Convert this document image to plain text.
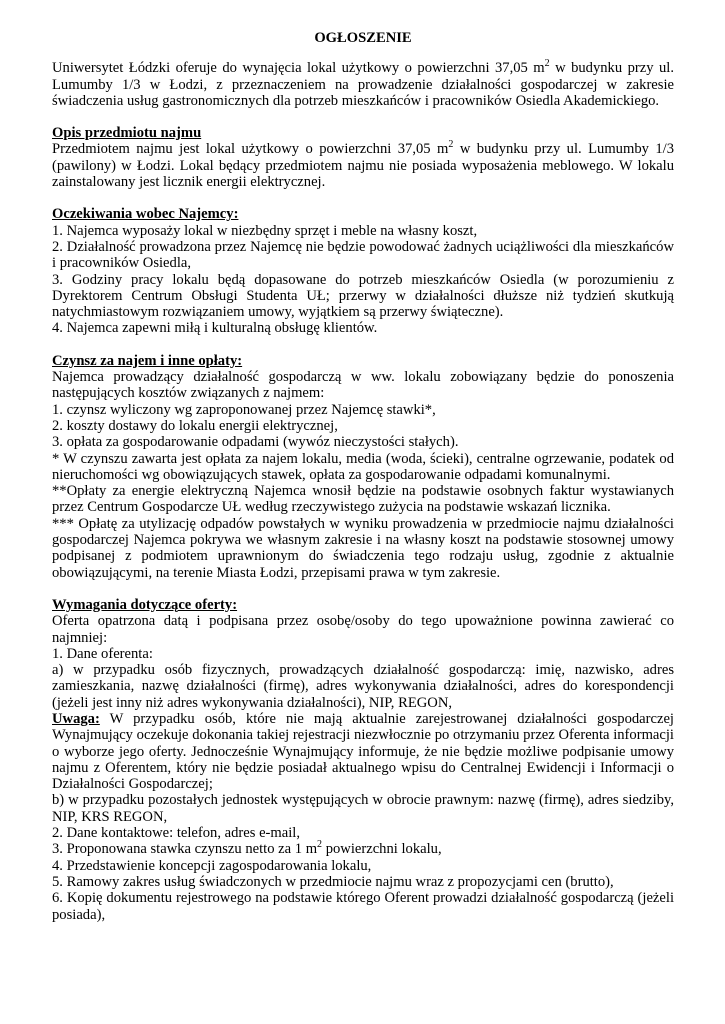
OGŁOSZENIE

Uniwersytet Łódzki oferuje do wynajęcia lokal użytkowy o powierzchni 37,05 $m^2$ w budynku przy ul. Lumumby 1/3 w Łodzi, z przeznaczeniem na prowadzenie działalności gospodarczej w zakresie świadczenia usług gastronomicznych dla potrzeb mieszkańców i pracowników Osiedla Akademickiego.

Opis przedmiotu najmu

Przedmiotem najmu jest lokal użytkowy o powierzchni 37,05 $m^2$ w budynku przy ul. Lumumby 1/3 (pawilony) w Łodzi. Lokal będący przedmiotem najmu nie posiada wyposażenia meblowego. W lokalu zainstalowany jest licznik energii elektrycznej.

Oczekiwania wobec Najemcy:

1. Najemca wyposaży lokal w niezbędny sprzęt i meble na własny koszt,

2. Działalność prowadzona przez Najemcę nie będzie powodować żadnych uciążliwości dla mieszkańców i pracowników Osiedla,

3. Godziny pracy lokalu będą dopasowane do potrzeb mieszkańców Osiedla (w porozumieniu z Dyrektorem Centrum Obsługi Studenta UŁ; przerwy w działalności dłuższe niż tydzień skutkują natychmiastowym rozwiązaniem umowy, wyjątkiem są przerwy świąteczne).

4. Najemca zapewni miłą i kulturalną obsługę klientów.

Czynsz za najem i inne opłaty:

Najemca prowadzący działalność gospodarczą w ww. lokalu zobowiązany będzie do ponoszenia następujących kosztów związanych z najmem:

1. czynsz wyliczony wg zaproponowanej przez Najemcę stawki*,

2. koszty dostawy do lokalu energii elektrycznej,

3. opłata za gospodarowanie odpadami (wywóz nieczystości stałych).

* W czynszu zawarta jest opłata za najem lokalu, media (woda, ścieki), centralne ogrzewanie, podatek od nieruchomości wg obowiązujących stawek, opłata za gospodarowanie odpadami komunalnymi.

**Opłaty za energie elektryczną Najemca wnosił będzie na podstawie osobnych faktur wystawianych przez Centrum Gospodarcze UŁ według rzeczywistego zużycia na podstawie wskazań licznika.

*** Opłatę za utylizację odpadów powstałych w wyniku prowadzenia w przedmiocie najmu działalności gospodarczej Najemca pokrywa we własnym zakresie i na własny koszt na podstawie stosownej umowy podpisanej z podmiotem uprawnionym do świadczenia tego rodzaju usług, zgodnie z aktualnie obowiązującymi, na terenie Miasta Łodzi, przepisami prawa w tym zakresie.

Wymagania dotyczące oferty:

Oferta opatrzona datą i podpisana przez osobę/osoby do tego upoważnione powinna zawierać co najmniej:

1. Dane oferenta:

a) w przypadku osób fizycznych, prowadzących działalność gospodarczą: imię, nazwisko, adres zamieszkania, nazwę działalności (firmę), adres wykonywania działalności, adres do korespondencji (jeżeli jest inny niż adres wykonywania działalności), NIP, REGON,

Uwaga: W przypadku osób, które nie mają aktualnie zarejestrowanej działalności gospodarczej Wynajmujący oczekuje dokonania takiej rejestracji niezwłocznie po otrzymaniu przez Oferenta informacji o wyborze jego oferty. Jednocześnie Wynajmujący informuje, że nie będzie możliwe podpisanie umowy najmu z Oferentem, który nie będzie posiadał aktualnego wpisu do Centralnej Ewidencji i Informacji o Działalności Gospodarczej;

b) w przypadku pozostałych jednostek występujących w obrocie prawnym: nazwę (firmę), adres siedziby, NIP, KRS REGON,

2. Dane kontaktowe: telefon, adres e-mail,

3. Proponowana stawka czynszu netto za 1 $m^2$ powierzchni lokalu,

4. Przedstawienie koncepcji zagospodarowania lokalu,

5. Ramowy zakres usług świadczonych w przedmiocie najmu wraz z propozycjami cen (brutto),

6. Kopię dokumentu rejestrowego na podstawie którego Oferent prowadzi działalność gospodarczą (jeżeli posiada),
